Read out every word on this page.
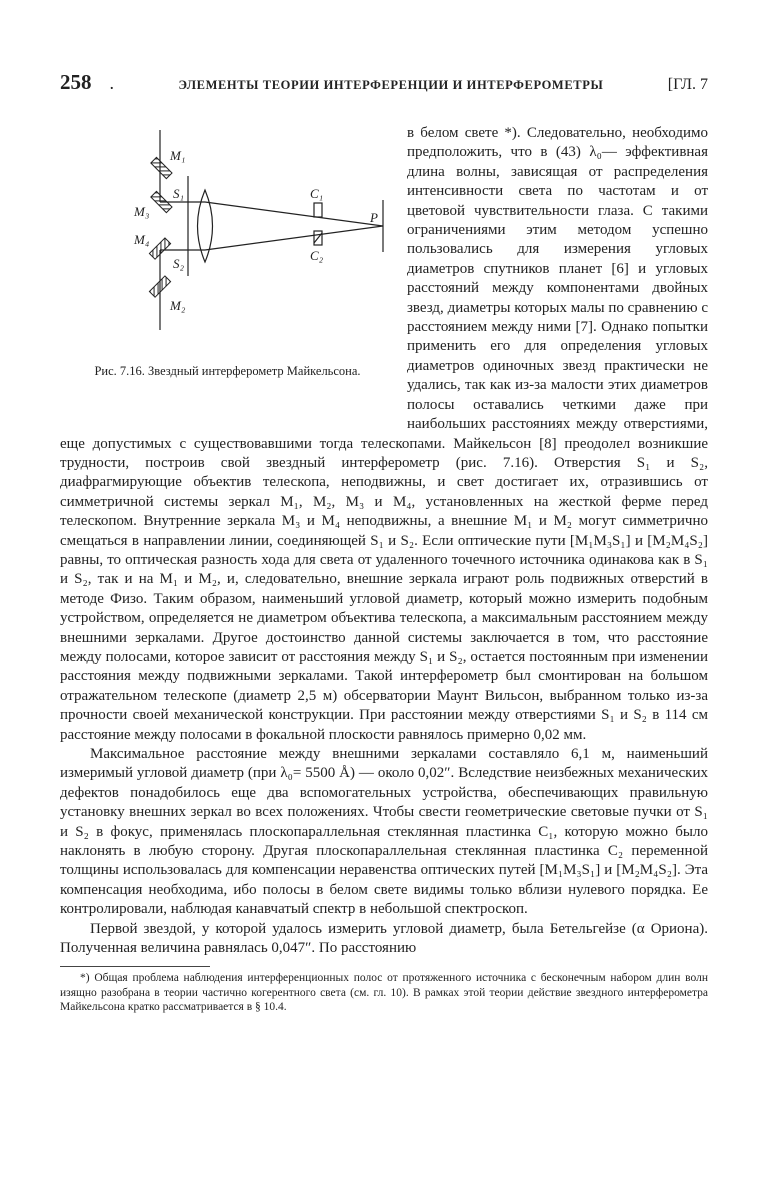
258 .	ЭЛЕМЕНТЫ ТЕОРИИ ИНТЕРФЕРЕНЦИИ И ИНТЕРФЕРОМЕТРЫ	[ГЛ. 7
M₁
M₃
M₄
M₂
S₁
S₂
C₁
C₂
P
Рис. 7.16. Звездный интерферометр Майкельсона.

в белом свете *). Следовательно, необходимо предположить, что в (43) λ₀— эффективная длина волны, зависящая от распределения интенсивности света по частотам и от цветовой чувствительности глаза. С такими ограничениями этим методом успешно пользовались для измерения угловых диаметров спутников планет [6] и угловых расстояний между компонентами двойных звезд, диаметры которых малы по сравнению с расстоянием между ними [7]. Однако попытки применить его для определения угловых диаметров одиночных звезд практически не удались, так как из-за малости этих диаметров полосы оставались четкими даже при наибольших расстояниях между отверстиями, еще допустимых с существовавшими тогда телескопами. Майкельсон [8] преодолел возникшие трудности, построив свой звездный интерферометр (рис. 7.16). Отверстия S₁ и S₂, диафрагмирующие объектив телескопа, неподвижны, и свет достигает их, отразившись от симметричной системы зеркал M₁, M₂, M₃ и M₄, установленных на жесткой ферме перед телескопом. Внутренние зеркала M₃ и M₄ неподвижны, а внешние M₁ и M₂ могут симметрично смещаться в направлении линии, соединяющей S₁ и S₂. Если оптические пути [M₁M₃S₁] и [M₂M₄S₂] равны, то оптическая разность хода для света от удаленного точечного источника одинакова как в S₁ и S₂, так и на M₁ и M₂, и, следовательно, внешние зеркала играют роль подвижных отверстий в методе Физо. Таким образом, наименьший угловой диаметр, который можно измерить подобным устройством, определяется не диаметром объектива телескопа, а максимальным расстоянием между внешними зеркалами. Другое достоинство данной системы заключается в том, что расстояние между полосами, которое зависит от расстояния между S₁ и S₂, остается постоянным при изменении расстояния между подвижными зеркалами. Такой интерферометр был смонтирован на большом отражательном телескопе (диаметр 2,5 м) обсерватории Маунт Вильсон, выбранном только из-за прочности своей механической конструкции. При расстоянии между отверстиями S₁ и S₂ в 114 см расстояние между полосами в фокальной плоскости равнялось примерно 0,02 мм.

Максимальное расстояние между внешними зеркалами составляло 6,1 м, наименьший измеримый угловой диаметр (при λ₀= 5500 Å) — около 0,02″. Вследствие неизбежных механических дефектов понадобилось еще два вспомогательных устройства, обеспечивающих правильную установку внешних зеркал во всех положениях. Чтобы свести геометрические световые пучки от S₁ и S₂ в фокус, применялась плоскопараллельная стеклянная пластинка C₁, которую можно было наклонять в любую сторону. Другая плоскопараллельная стеклянная пластинка C₂ переменной толщины использовалась для компенсации неравенства оптических путей [M₁M₃S₁] и [M₂M₄S₂]. Эта компенсация необходима, ибо полосы в белом свете видимы только вблизи нулевого порядка. Ее контролировали, наблюдая канавчатый спектр в небольшой спектроскоп.

Первой звездой, у которой удалось измерить угловой диаметр, была Бетельгейзе (α Ориона). Полученная величина равнялась 0,047″. По расстоянию

*) Общая проблема наблюдения интерференционных полос от протяженного источника с бесконечным набором длин волн изящно разобрана в теории частично когерентного света (см. гл. 10). В рамках этой теории действие звездного интерферометра Майкельсона кратко рассматривается в § 10.4.
